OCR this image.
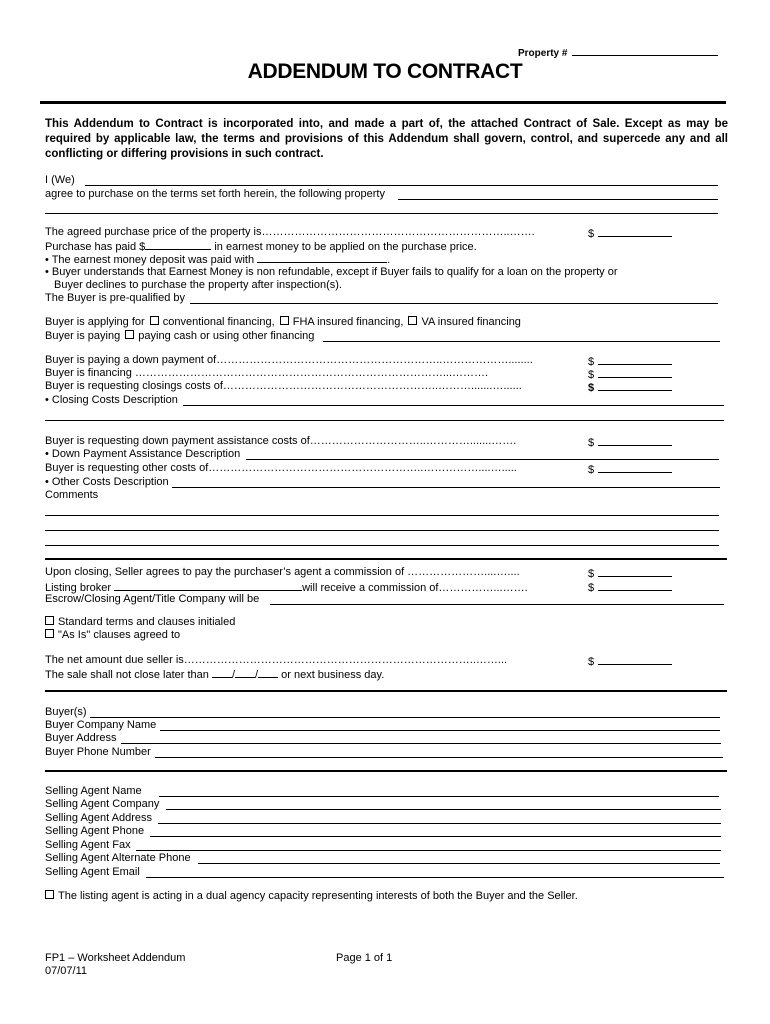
Property #
ADDENDUM TO CONTRACT
This Addendum to Contract is incorporated into, and made a part of, the attached Contract of Sale. Except as may be required by applicable law, the terms and provisions of this Addendum shall govern, control, and supercede any and all conflicting or differing provisions in such contract.
I (We)
agree to purchase on the terms set forth herein, the following property
The agreed purchase price of the property is…………………………………………………………..…….	$
Purchase has paid $	in earnest money to be applied on the purchase price.
• The earnest money deposit was paid with	.
• Buyer understands that Earnest Money is non refundable, except if Buyer fails to qualify for a loan on the property or
Buyer declines to purchase the property after inspection(s).
The Buyer is pre-qualified by
Buyer is applying for conventional financing, FHA insured financing, VA insured financing
Buyer is paying paying cash or using other financing
Buyer is paying a down payment of……………………………………………………..………………........	$
Buyer is financing …………………………………………………………………………...……….	$
Buyer is requesting closings costs of…………………………………………………..……….......…......	$
• Closing Costs Description
Buyer is requesting down payment assistance costs of…………………………..………….......…….	$
• Down Payment Assistance Description
Buyer is requesting other costs of…………………………………………………..……………....….....	$
• Other Costs Description
Comments
Upon closing, Seller agrees to pay the purchaser’s agent a commission of …………………....…....	$
Listing broker	will receive a commission of……………...…….	$
Escrow/Closing Agent/Title Company will be
Standard terms and clauses initialed
"As Is" clauses agreed to
The net amount due seller is……………………………………………………………………..……...	$
The sale shall not close later than / / or next business day.
Buyer(s)
Buyer Company Name
Buyer Address
Buyer Phone Number
Selling Agent Name
Selling Agent Company
Selling Agent Address
Selling Agent Phone
Selling Agent Fax
Selling Agent Alternate Phone
Selling Agent Email
The listing agent is acting in a dual agency capacity representing interests of both the Buyer and the Seller.
FP1 – Worksheet Addendum
07/07/11
Page 1 of 1
